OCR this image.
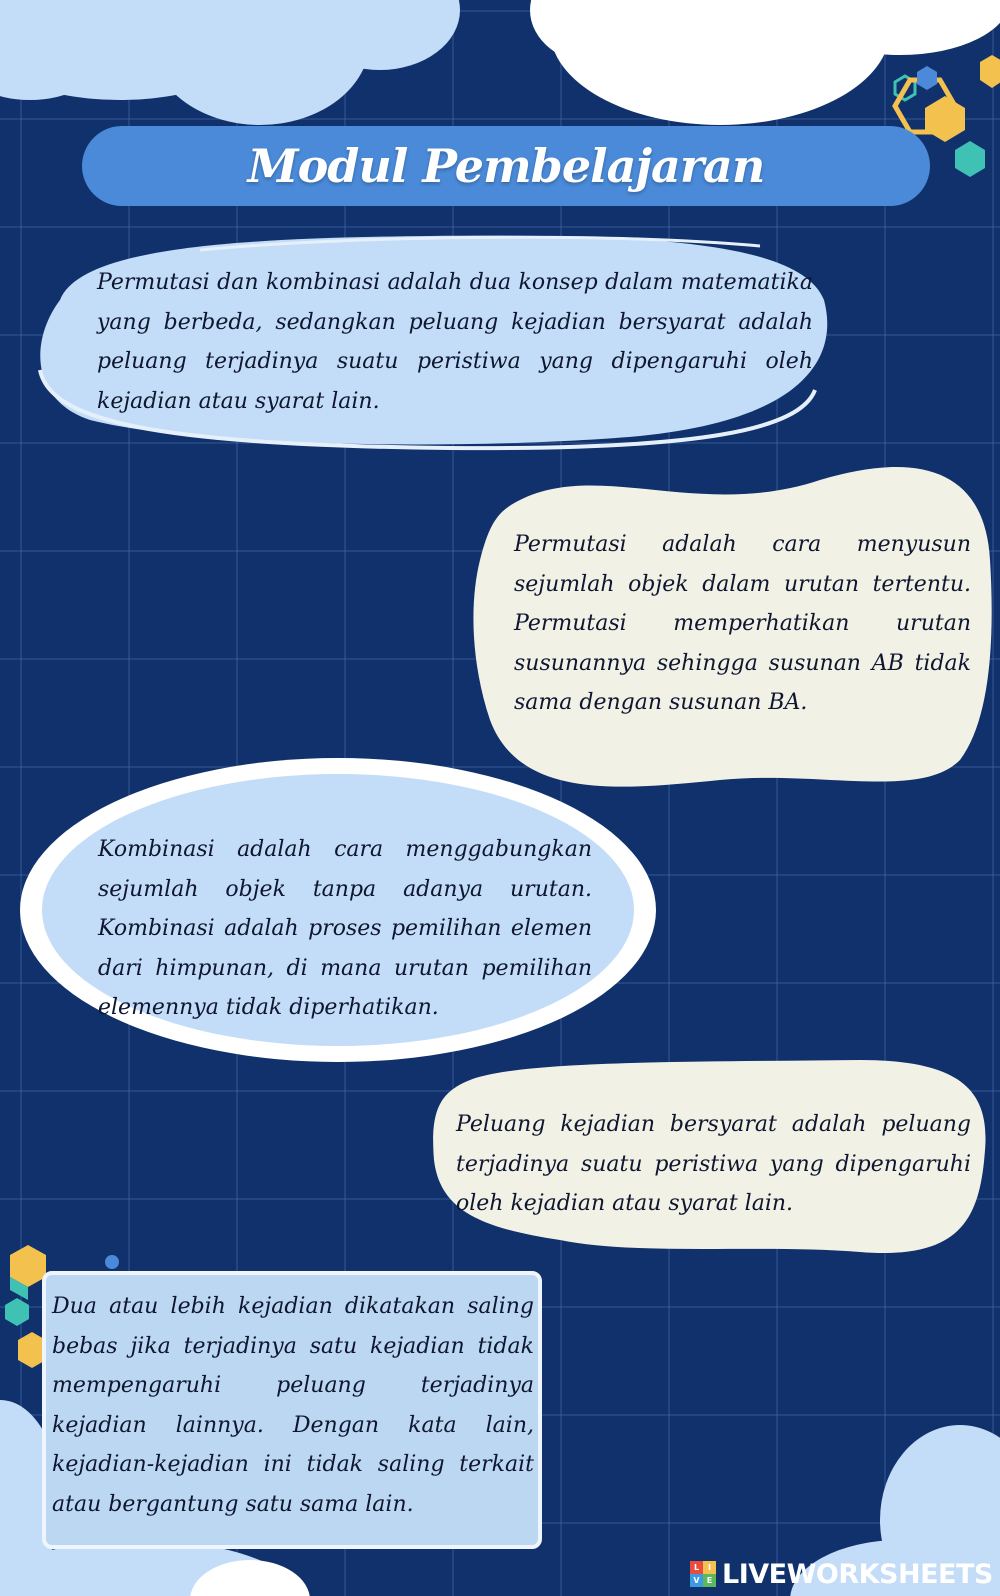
Modul Pembelajaran

Permutasi dan kombinasi adalah dua konsep dalam matematika yang berbeda, sedangkan peluang kejadian bersyarat adalah peluang terjadinya suatu peristiwa yang dipengaruhi oleh kejadian atau syarat lain.

Permutasi adalah cara menyusun sejumlah objek dalam urutan tertentu. Permutasi memperhatikan urutan susunannya sehingga susunan AB tidak sama dengan susunan BA.

Kombinasi adalah cara menggabungkan sejumlah objek tanpa adanya urutan. Kombinasi adalah proses pemilihan elemen dari himpunan, di mana urutan pemilihan elemennya tidak diperhatikan.

Peluang kejadian bersyarat adalah peluang terjadinya suatu peristiwa yang dipengaruhi oleh kejadian atau syarat lain.

Dua atau lebih kejadian dikatakan saling bebas jika terjadinya satu kejadian tidak mempengaruhi peluang terjadinya kejadian lainnya. Dengan kata lain, kejadian-kejadian ini tidak saling terkait atau bergantung satu sama lain.

L	I
V E LIVEWORKSHEETS
